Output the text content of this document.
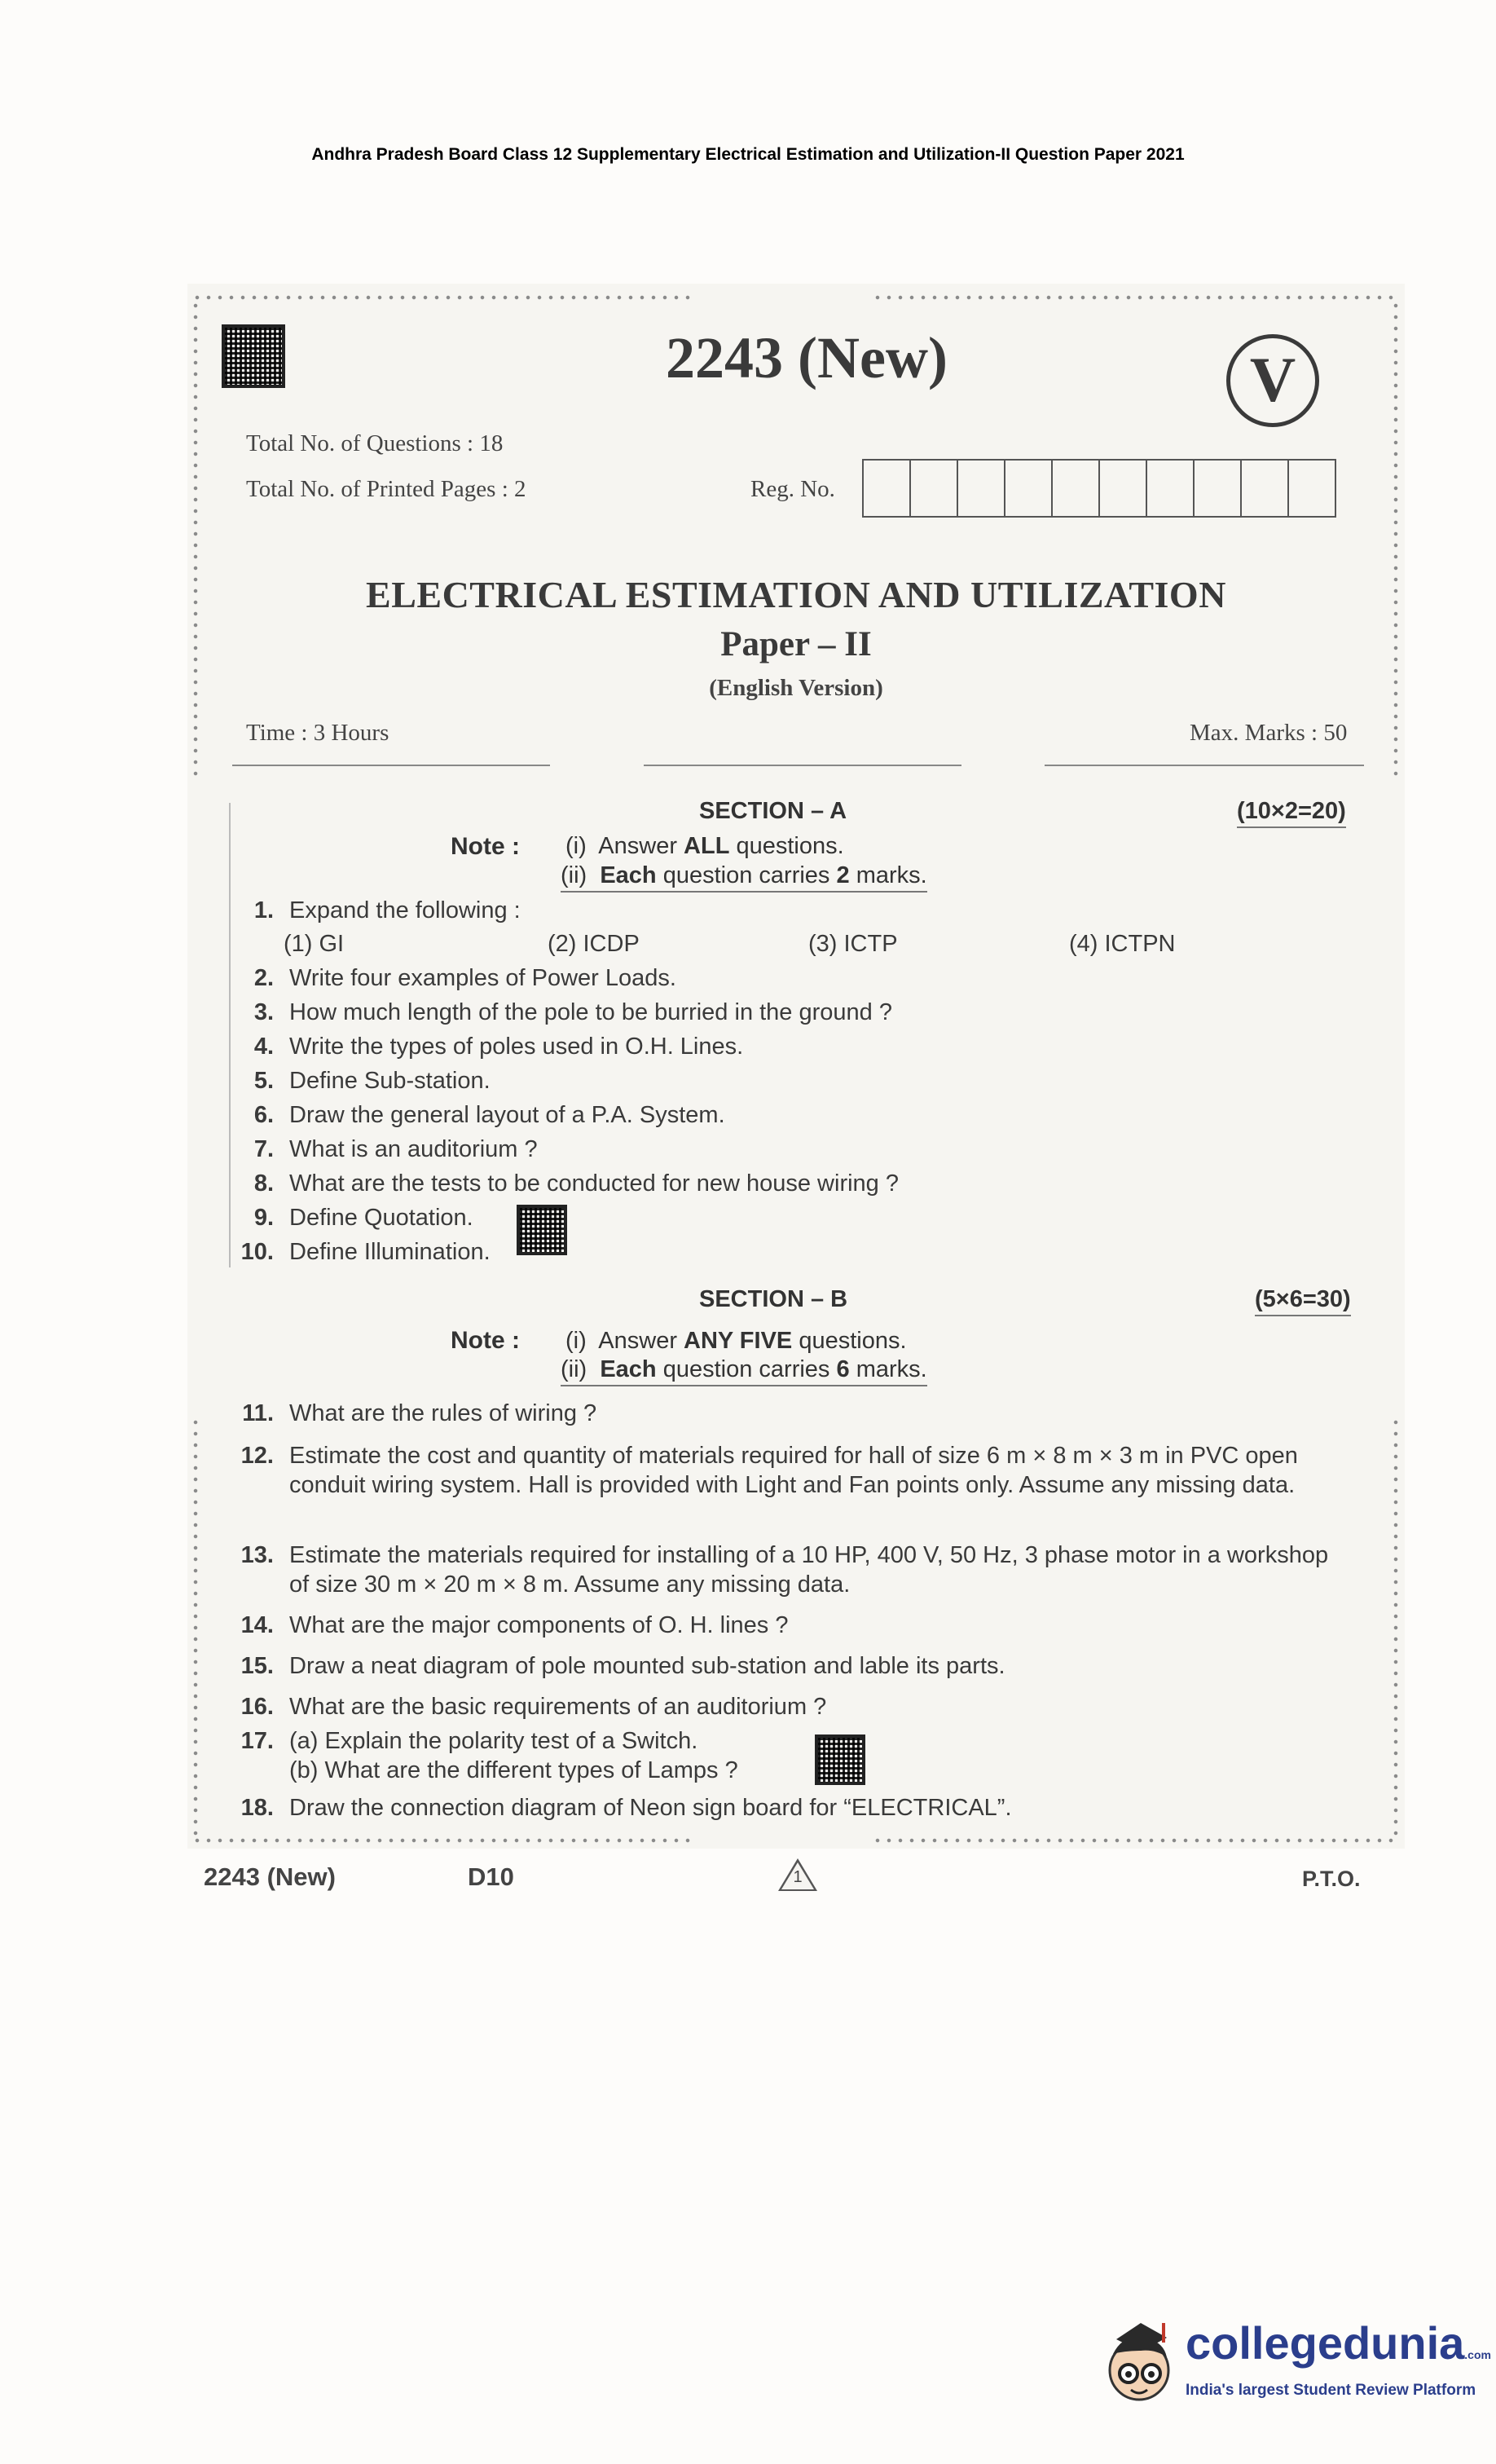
Andhra Pradesh Board Class 12 Supplementary Electrical Estimation and Utilization-II Question Paper 2021
2243 (New)	V
Total No. of Questions : 18
Total No. of Printed Pages : 2	Reg. No.
ELECTRICAL ESTIMATION AND UTILIZATION
Paper – II
(English Version)
Time : 3 Hours	Max. Marks : 50
SECTION – A	(10×2=20)
Note : (i) Answer ALL questions.
(ii) Each question carries 2 marks.
1. Expand the following :
(1) GI	(2) ICDP	(3) ICTP	(4) ICTPN
2. Write four examples of Power Loads.
3. How much length of the pole to be burried in the ground ?
4. Write the types of poles used in O.H. Lines.
5. Define Sub-station.
6. Draw the general layout of a P.A. System.
7. What is an auditorium ?
8. What are the tests to be conducted for new house wiring ?
9. Define Quotation.
10. Define Illumination.
SECTION – B	(5×6=30)
Note : (i) Answer ANY FIVE questions.
(ii) Each question carries 6 marks.
11. What are the rules of wiring ?
12. Estimate the cost and quantity of materials required for hall of size 6 m × 8 m × 3 m in PVC open conduit wiring system. Hall is provided with Light and Fan points only. Assume any missing data.
13. Estimate the materials required for installing of a 10 HP, 400 V, 50 Hz, 3 phase motor in a workshop of size 30 m × 20 m × 8 m. Assume any missing data.
14. What are the major components of O. H. lines ?
15. Draw a neat diagram of pole mounted sub-station and lable its parts.
16. What are the basic requirements of an auditorium ?
17. (a) Explain the polarity test of a Switch.
(b) What are the different types of Lamps ?
18. Draw the connection diagram of Neon sign board for “ELECTRICAL”.
2243 (New)	D10	1	P.T.O.
collegedunia.com
India's largest Student Review Platform
